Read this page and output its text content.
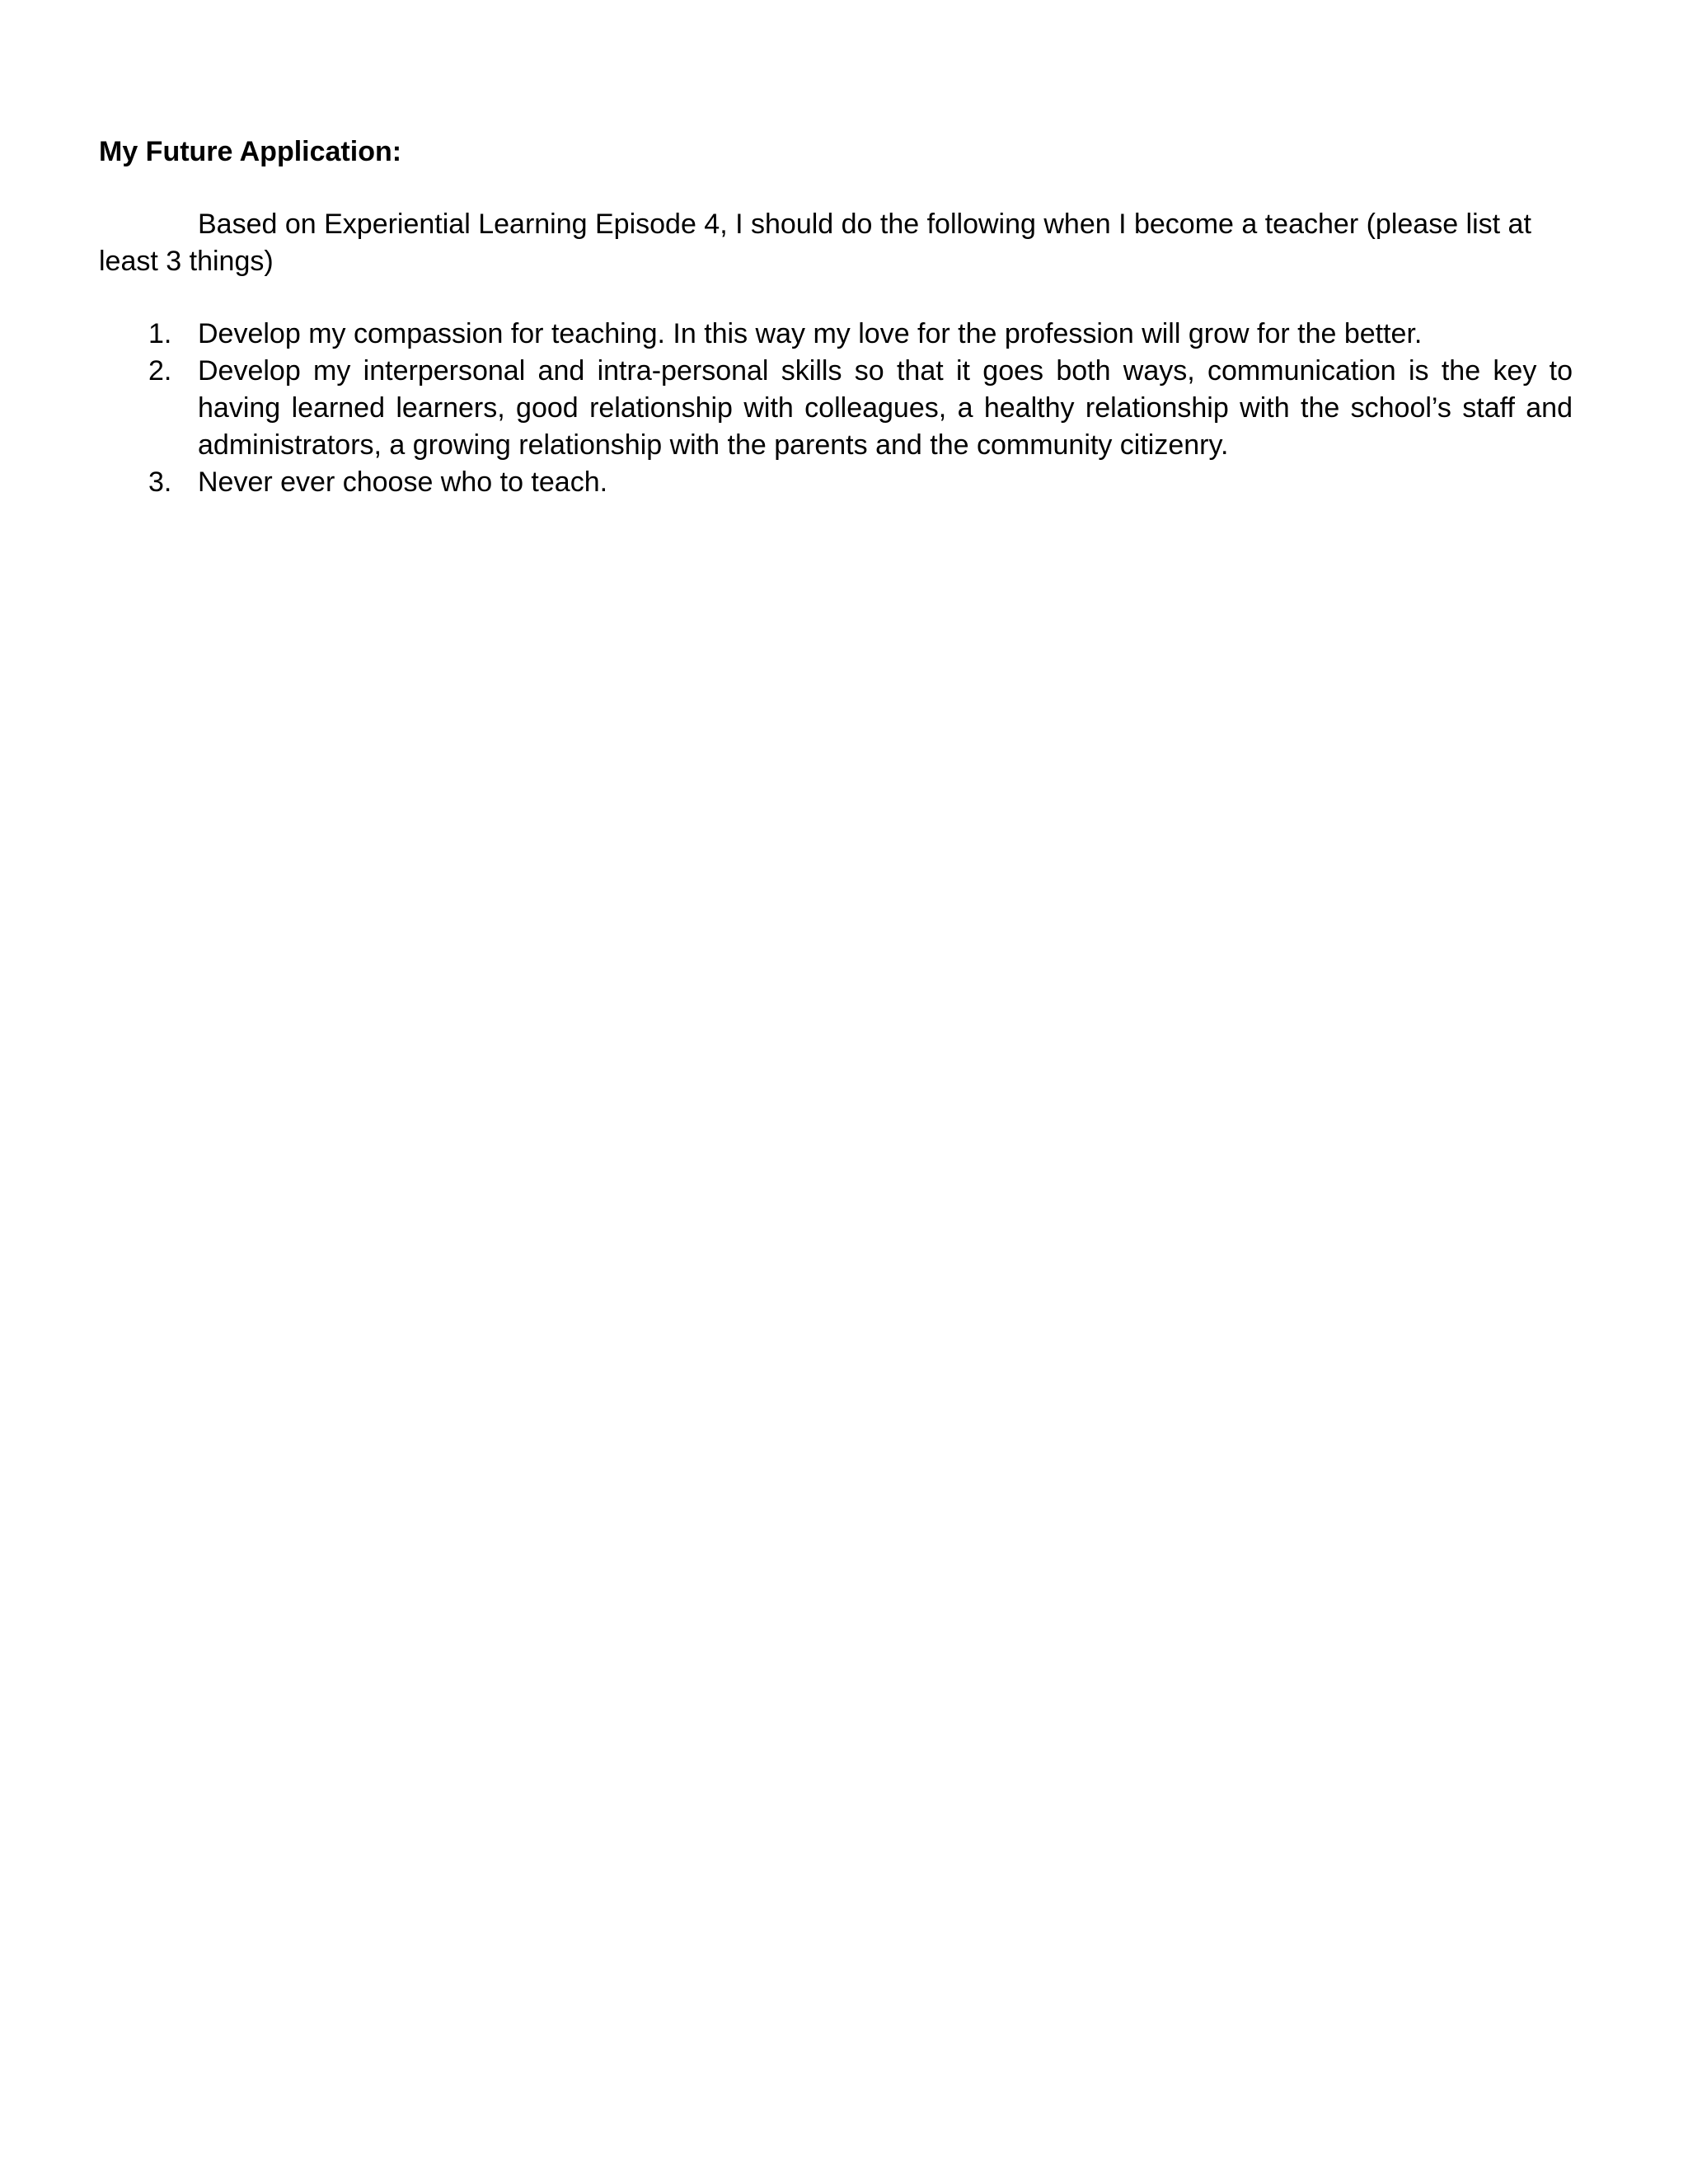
My Future Application:

Based on Experiential Learning Episode 4, I should do the following when I become a teacher (please list at least 3 things)

1. Develop my compassion for teaching. In this way my love for the profession will grow for the better.
2. Develop my interpersonal and intra-personal skills so that it goes both ways, communication is the key to having learned learners, good relationship with colleagues, a healthy relationship with the school’s staff and administrators, a growing relationship with the parents and the community citizenry.
3. Never ever choose who to teach.
